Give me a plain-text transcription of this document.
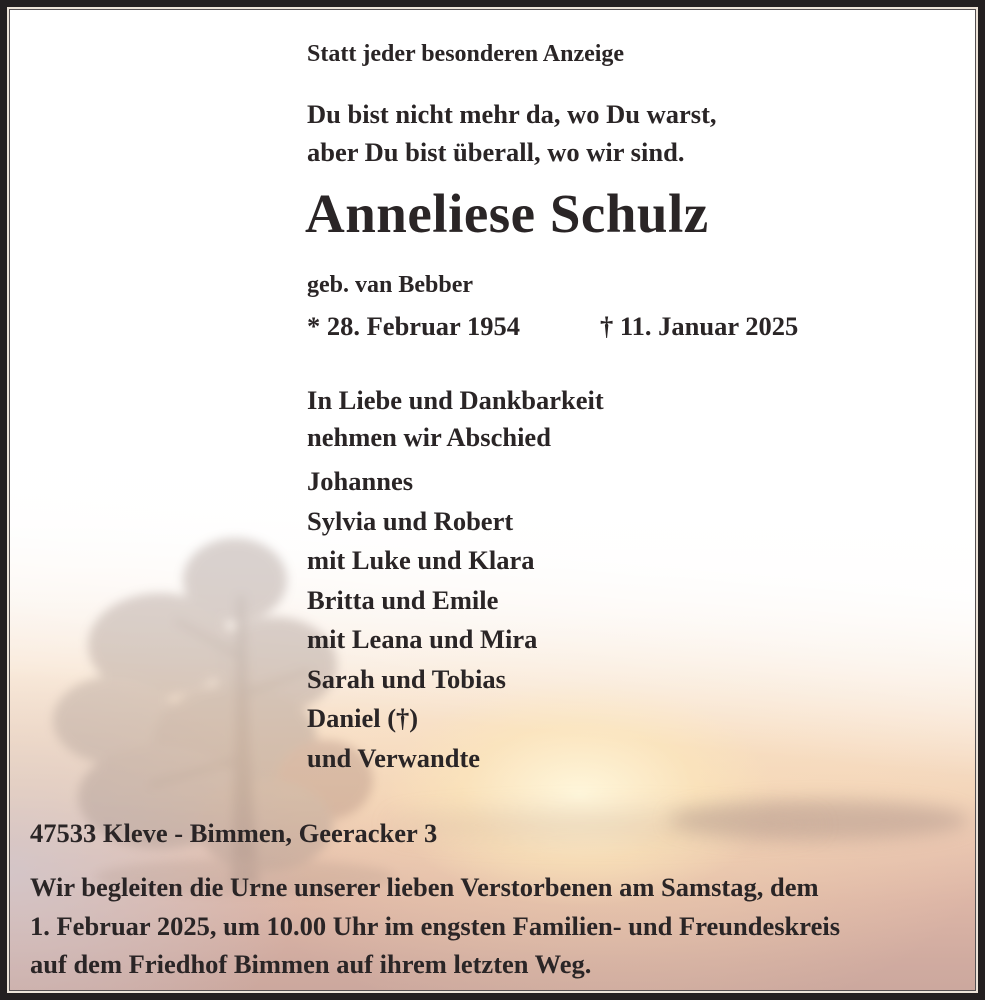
Statt jeder besonderen Anzeige
Du bist nicht mehr da, wo Du warst,
aber Du bist überall, wo wir sind.
Anneliese Schulz
geb. van Bebber
* 28. Februar 1954	† 11. Januar 2025
In Liebe und Dankbarkeit
nehmen wir Abschied
Johannes
Sylvia und Robert
mit Luke und Klara
Britta und Emile
mit Leana und Mira
Sarah und Tobias
Daniel (†)
und Verwandte
47533 Kleve - Bimmen, Geeracker 3
Wir begleiten die Urne unserer lieben Verstorbenen am Samstag, dem
1. Februar 2025, um 10.00 Uhr im engsten Familien- und Freundeskreis
auf dem Friedhof Bimmen auf ihrem letzten Weg.
